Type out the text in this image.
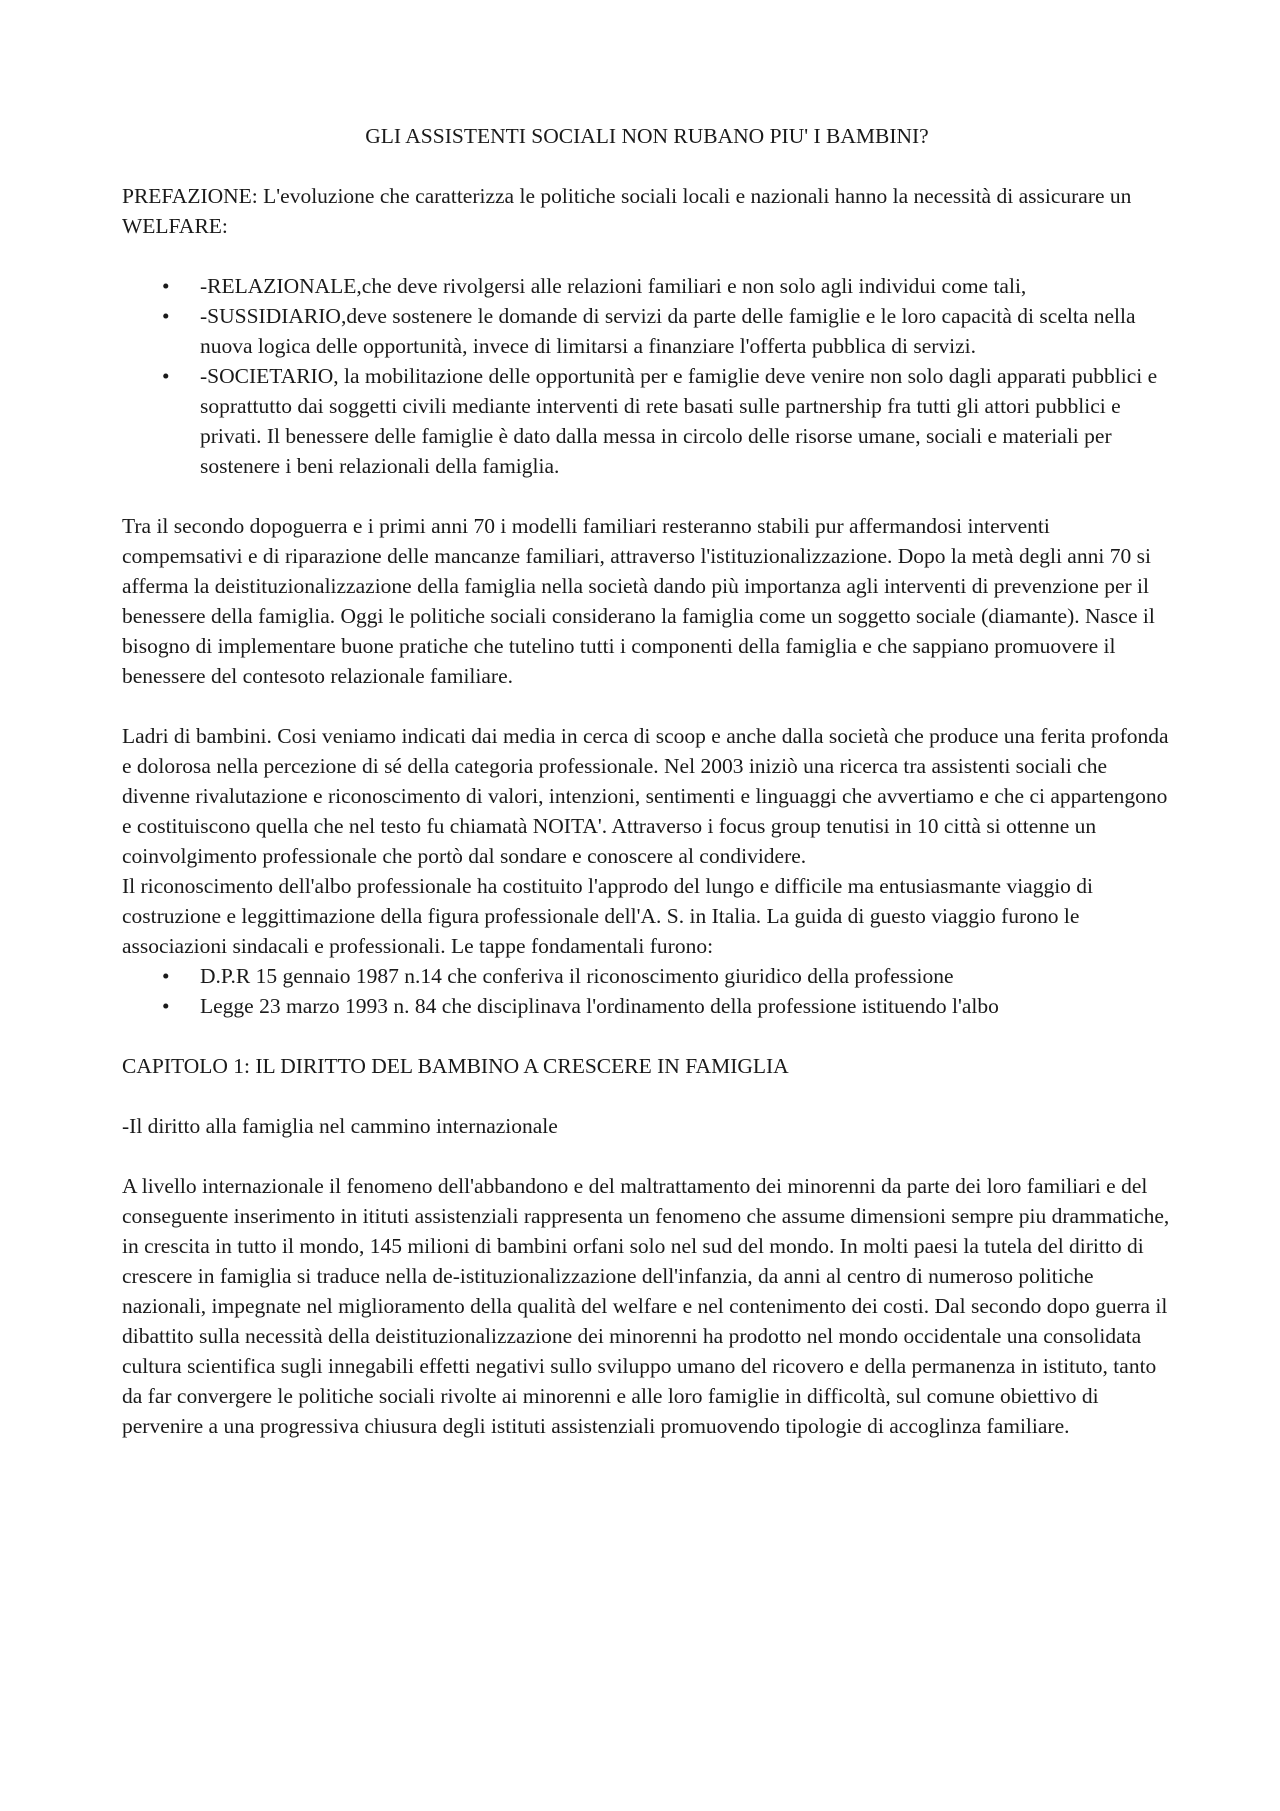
GLI ASSISTENTI SOCIALI NON RUBANO PIU' I BAMBINI?

PREFAZIONE: L'evoluzione che caratterizza le politiche sociali locali e nazionali hanno la necessità di assicurare un WELFARE:

• -RELAZIONALE,che deve rivolgersi alle relazioni familiari e non solo agli individui come tali,
• -SUSSIDIARIO,deve sostenere le domande di servizi da parte delle famiglie e le loro capacità di scelta nella nuova logica delle opportunità, invece di limitarsi a finanziare l'offerta pubblica di servizi.
• -SOCIETARIO, la mobilitazione delle opportunità per e famiglie deve venire non solo dagli apparati pubblici e soprattutto dai soggetti civili mediante interventi di rete basati sulle partnership fra tutti gli attori pubblici e privati. Il benessere delle famiglie è dato dalla messa in circolo delle risorse umane, sociali e materiali per sostenere i beni relazionali della famiglia.

Tra il secondo dopoguerra e i primi anni 70 i modelli familiari resteranno stabili pur affermandosi interventi compemsativi e di riparazione delle mancanze familiari, attraverso l'istituzionalizzazione. Dopo la metà degli anni 70 si afferma la deistituzionalizzazione della famiglia nella società dando più importanza agli interventi di prevenzione per il benessere della famiglia. Oggi le politiche sociali considerano la famiglia come un soggetto sociale (diamante). Nasce il bisogno di implementare buone pratiche che tutelino tutti i componenti della famiglia e che sappiano promuovere il benessere del contesoto relazionale familiare.

Ladri di bambini. Cosi veniamo indicati dai media in cerca di scoop e anche dalla società che produce una ferita profonda e dolorosa nella percezione di sé della categoria professionale. Nel 2003 iniziò una ricerca tra assistenti sociali che divenne rivalutazione e riconoscimento di valori, intenzioni, sentimenti e linguaggi che avvertiamo e che ci appartengono e costituiscono quella che nel testo fu chiamatà NOITA'. Attraverso i focus group tenutisi in 10 città si ottenne un coinvolgimento professionale che portò dal sondare e conoscere al condividere.

Il riconoscimento dell'albo professionale ha costituito l'approdo del lungo e difficile ma entusiasmante viaggio di costruzione e leggittimazione della figura professionale dell'A. S. in Italia. La guida di guesto viaggio furono le associazioni sindacali e professionali. Le tappe fondamentali furono:

• D.P.R 15 gennaio 1987 n.14 che conferiva il riconoscimento giuridico della professione
• Legge 23 marzo 1993 n. 84 che disciplinava l'ordinamento della professione istituendo l'albo
CAPITOLO 1: IL DIRITTO DEL BAMBINO A CRESCERE IN FAMIGLIA
-Il diritto alla famiglia nel cammino internazionale

A livello internazionale il fenomeno dell'abbandono e del maltrattamento dei minorenni da parte dei loro familiari e del conseguente inserimento in itituti assistenziali rappresenta un fenomeno che assume dimensioni sempre piu drammatiche, in crescita in tutto il mondo, 145 milioni di bambini orfani solo nel sud del mondo. In molti paesi la tutela del diritto di crescere in famiglia si traduce nella de-istituzionalizzazione dell'infanzia, da anni al centro di numeroso politiche nazionali, impegnate nel miglioramento della qualità del welfare e nel contenimento dei costi. Dal secondo dopo guerra il dibattito sulla necessità della deistituzionalizzazione dei minorenni ha prodotto nel mondo occidentale una consolidata cultura scientifica sugli innegabili effetti negativi sullo sviluppo umano del ricovero e della permanenza in istituto, tanto da far convergere le politiche sociali rivolte ai minorenni e alle loro famiglie in difficoltà, sul comune obiettivo di pervenire a una progressiva chiusura degli istituti assistenziali promuovendo tipologie di accoglinza familiare.
